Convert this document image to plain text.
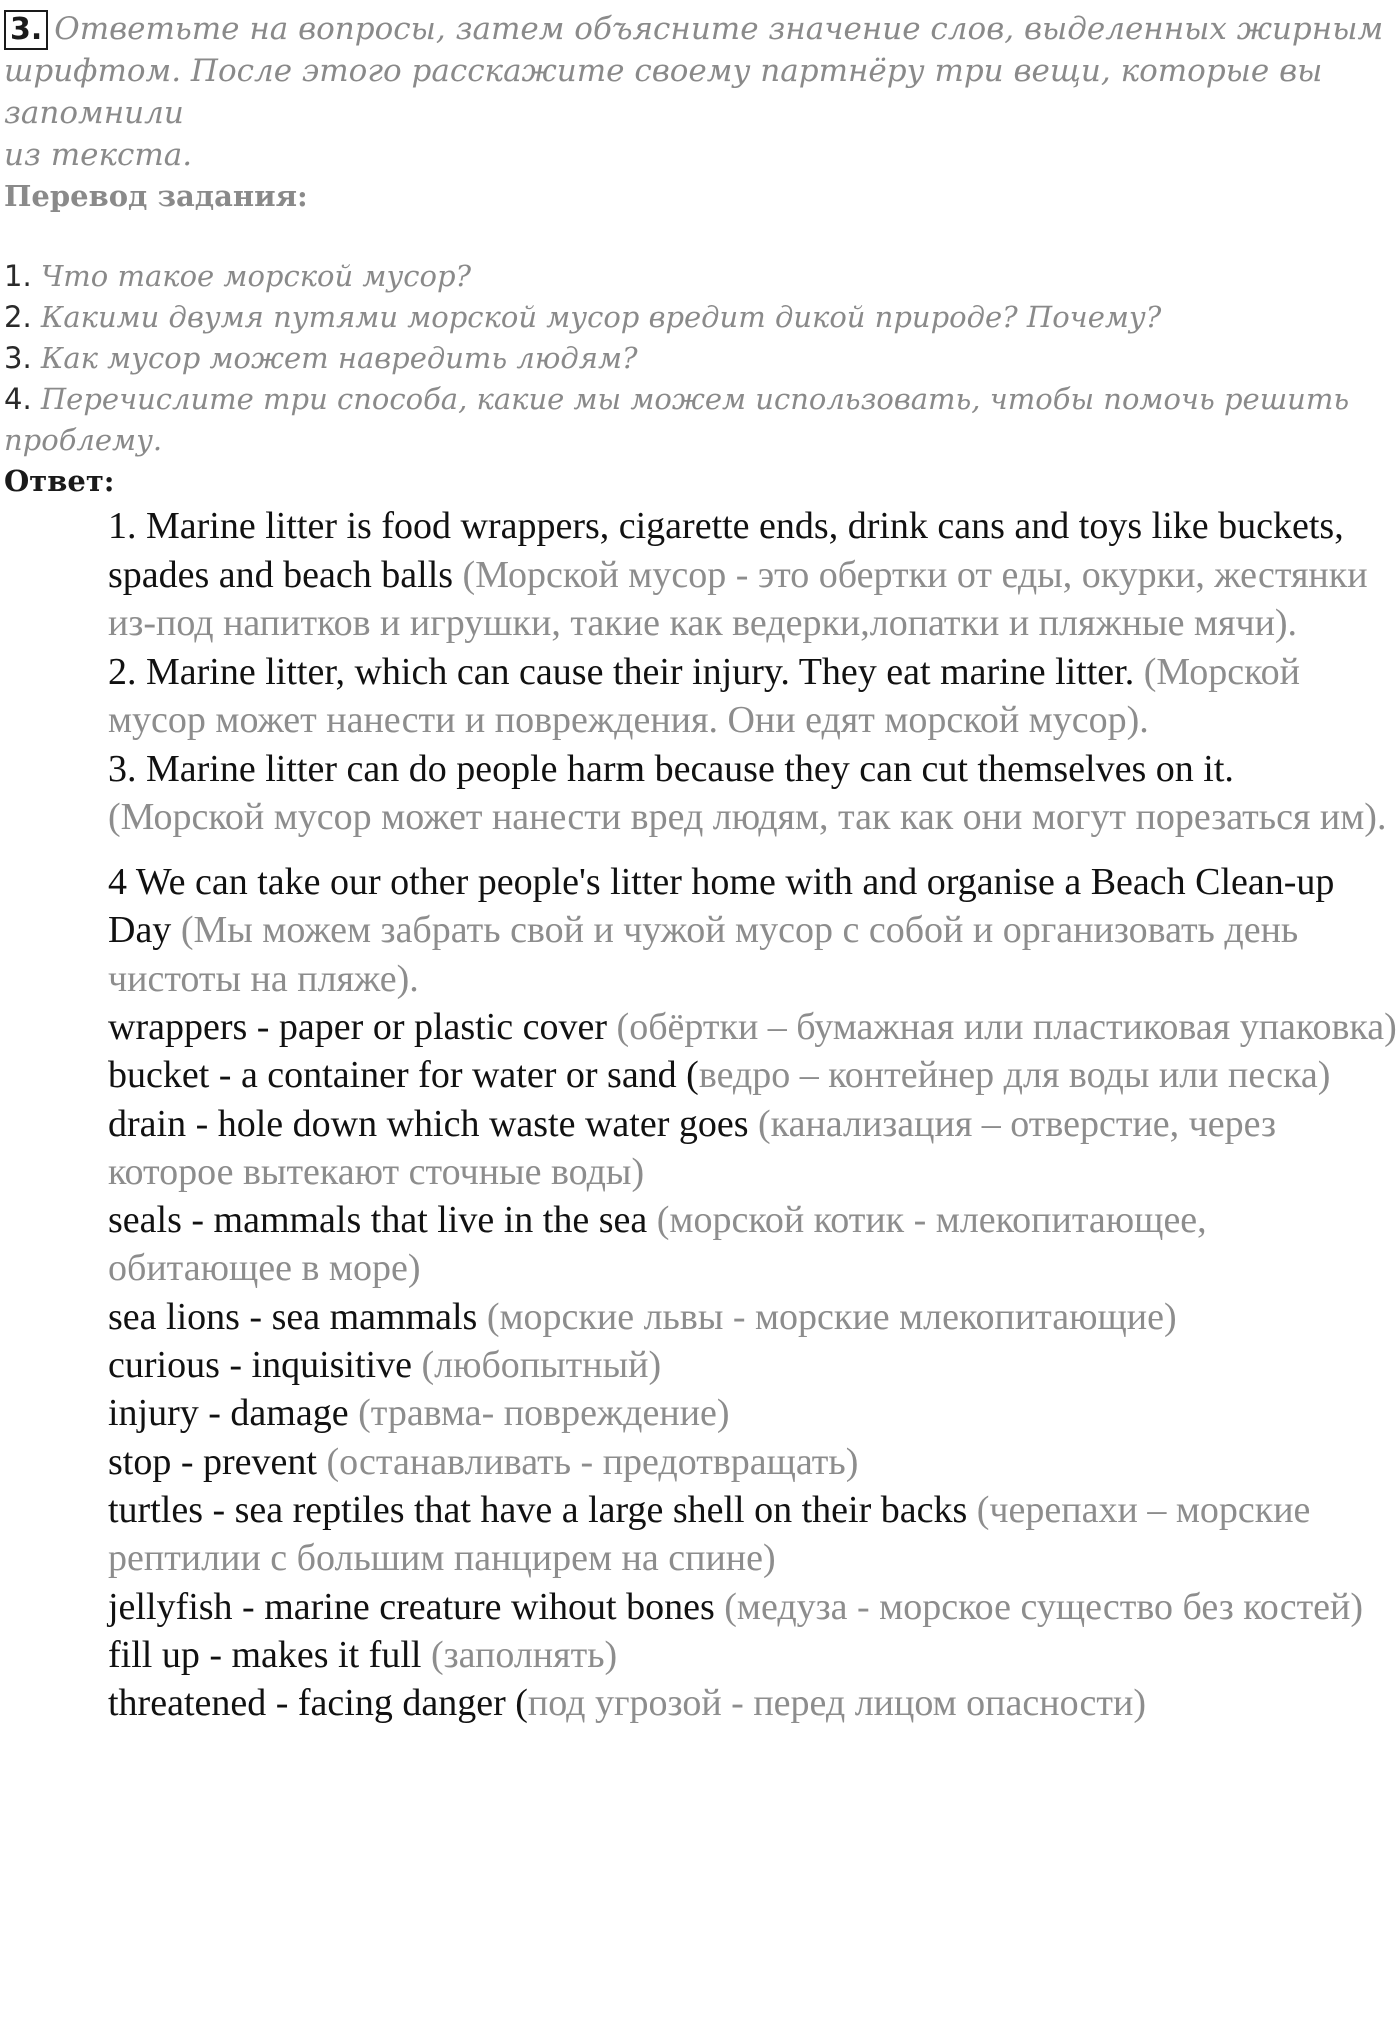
3. Ответьте на вопросы, затем объясните значение слов, выделенных жирным
шрифтом. После этого расскажите своему партнёру три вещи, которые вы запомнили
из текста.
Перевод задания:
1. Что такое морской мусор?
2. Какими двумя путями морской мусор вредит дикой природе? Почему?
3. Как мусор может навредить людям?
4. Перечислите три способа, какие мы можем использовать, чтобы помочь решить
проблему.
Ответ:
1. Marine litter is food wrappers, cigarette ends, drink cans and toys like buckets, spades and beach balls (Морской мусор - это обертки от еды, окурки, жестянки из-под напитков и игрушки, такие как ведерки,лопатки и пляжные мячи).
2. Marine litter, which can cause their injury. They eat marine litter. (Морской мусор может нанести и повреждения. Они едят морской мусор).
3. Marine litter can do people harm because they can cut themselves on it. (Морской мусор может нанести вред людям, так как они могут порезаться им).
4 We can take our other people's litter home with and organise a Beach Clean-up Day (Мы можем забрать свой и чужой мусор с собой и организовать день чистоты на пляже).
wrappers - paper or plastic cover (обёртки – бумажная или пластиковая упаковка)
bucket - a container for water or sand (ведро – контейнер для воды или песка)
drain - hole down which waste water goes (канализация – отверстие, через которое вытекают сточные воды)
seals - mammals that live in the sea (морской котик - млекопитающее, обитающее в море)
sea lions - sea mammals (морские львы - морские млекопитающие)
curious - inquisitive (любопытный)
injury - damage (травма- повреждение)
stop - prevent (останавливать - предотвращать)
turtles - sea reptiles that have a large shell on their backs (черепахи – морские рептилии с большим панцирем на спине)
jellyfish - marine creature wihout bones (медуза - морское существо без костей)
fill up - makes it full (заполнять)
threatened - facing danger (под угрозой - перед лицом опасности)
